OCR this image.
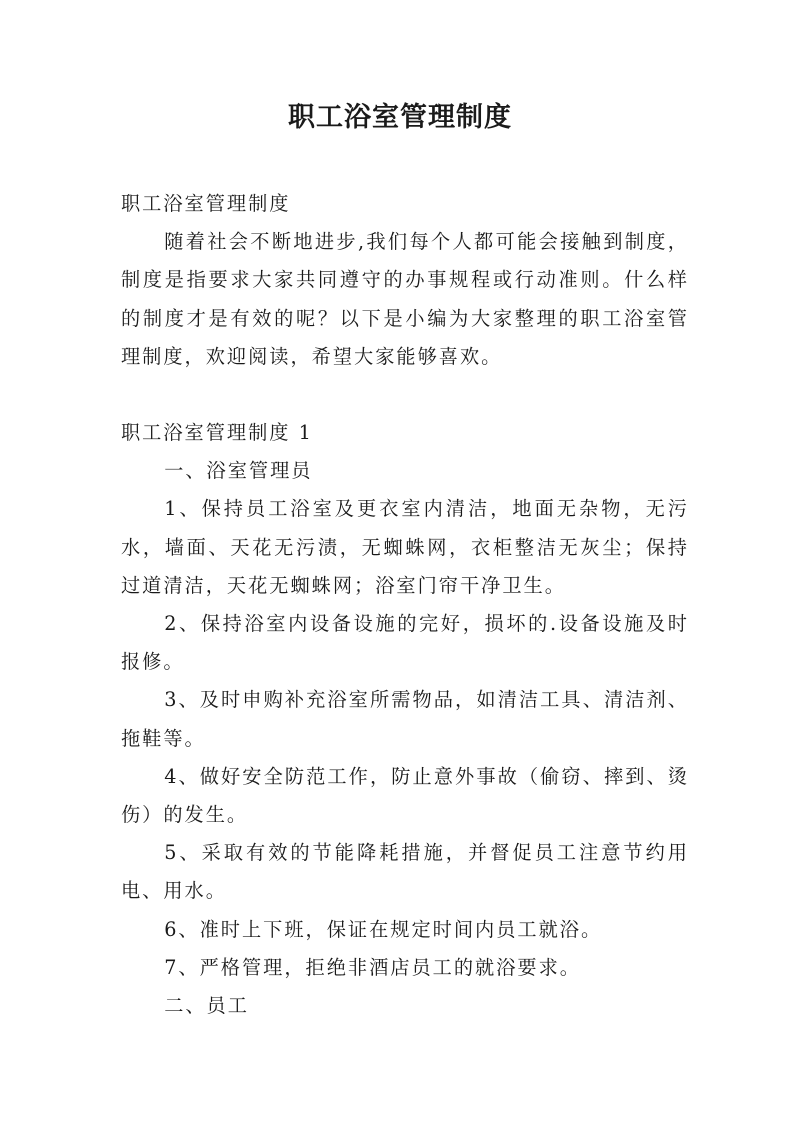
职工浴室管理制度

职工浴室管理制度

随着社会不断地进步,我们每个人都可能会接触到制度，制度是指要求大家共同遵守的办事规程或行动准则。什么样的制度才是有效的呢？以下是小编为大家整理的职工浴室管理制度，欢迎阅读，希望大家能够喜欢。

职工浴室管理制度 1

一、浴室管理员

1、保持员工浴室及更衣室内清洁，地面无杂物，无污水，墙面、天花无污渍，无蜘蛛网，衣柜整洁无灰尘；保持过道清洁，天花无蜘蛛网；浴室门帘干净卫生。

2、保持浴室内设备设施的完好，损坏的.设备设施及时报修。

3、及时申购补充浴室所需物品，如清洁工具、清洁剂、拖鞋等。

4、做好安全防范工作，防止意外事故（偷窃、摔到、烫伤）的发生。

5、采取有效的节能降耗措施，并督促员工注意节约用电、用水。

6、准时上下班，保证在规定时间内员工就浴。

7、严格管理，拒绝非酒店员工的就浴要求。

二、员工
